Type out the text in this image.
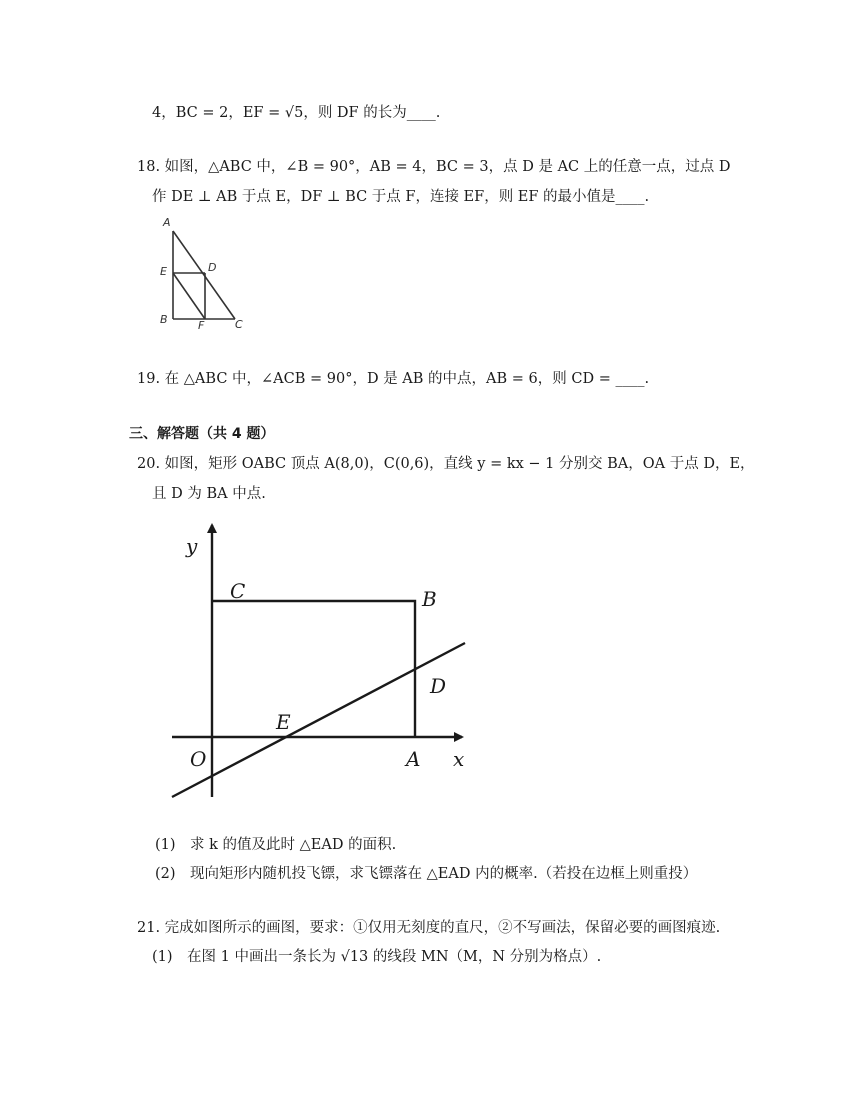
4，BC = 2，EF = √5，则 DF 的长为____.
18. 如图，△ABC 中，∠B = 90°，AB = 4，BC = 3，点 D 是 AC 上的任意一点，过点 D
作 DE ⊥ AB 于点 E，DF ⊥ BC 于点 F，连接 EF，则 EF 的最小值是____.
A
E	D
B	F	C
19. 在 △ABC 中，∠ACB = 90°，D 是 AB 的中点，AB = 6，则 CD = ____.
三、解答题（共 4 题）
20. 如图，矩形 OABC 顶点 A(8,0)，C(0,6)，直线 y = kx − 1 分别交 BA，OA 于点 D，E，
且 D 为 BA 中点.
y
C	B
D
E
O	A x
(1)　求 k 的值及此时 △EAD 的面积.
(2)　现向矩形内随机投飞镖，求飞镖落在 △EAD 内的概率.（若投在边框上则重投）
21. 完成如图所示的画图，要求：①仅用无刻度的直尺，②不写画法，保留必要的画图痕迹.
(1)　在图 1 中画出一条长为 √13 的线段 MN（M，N 分别为格点）.
